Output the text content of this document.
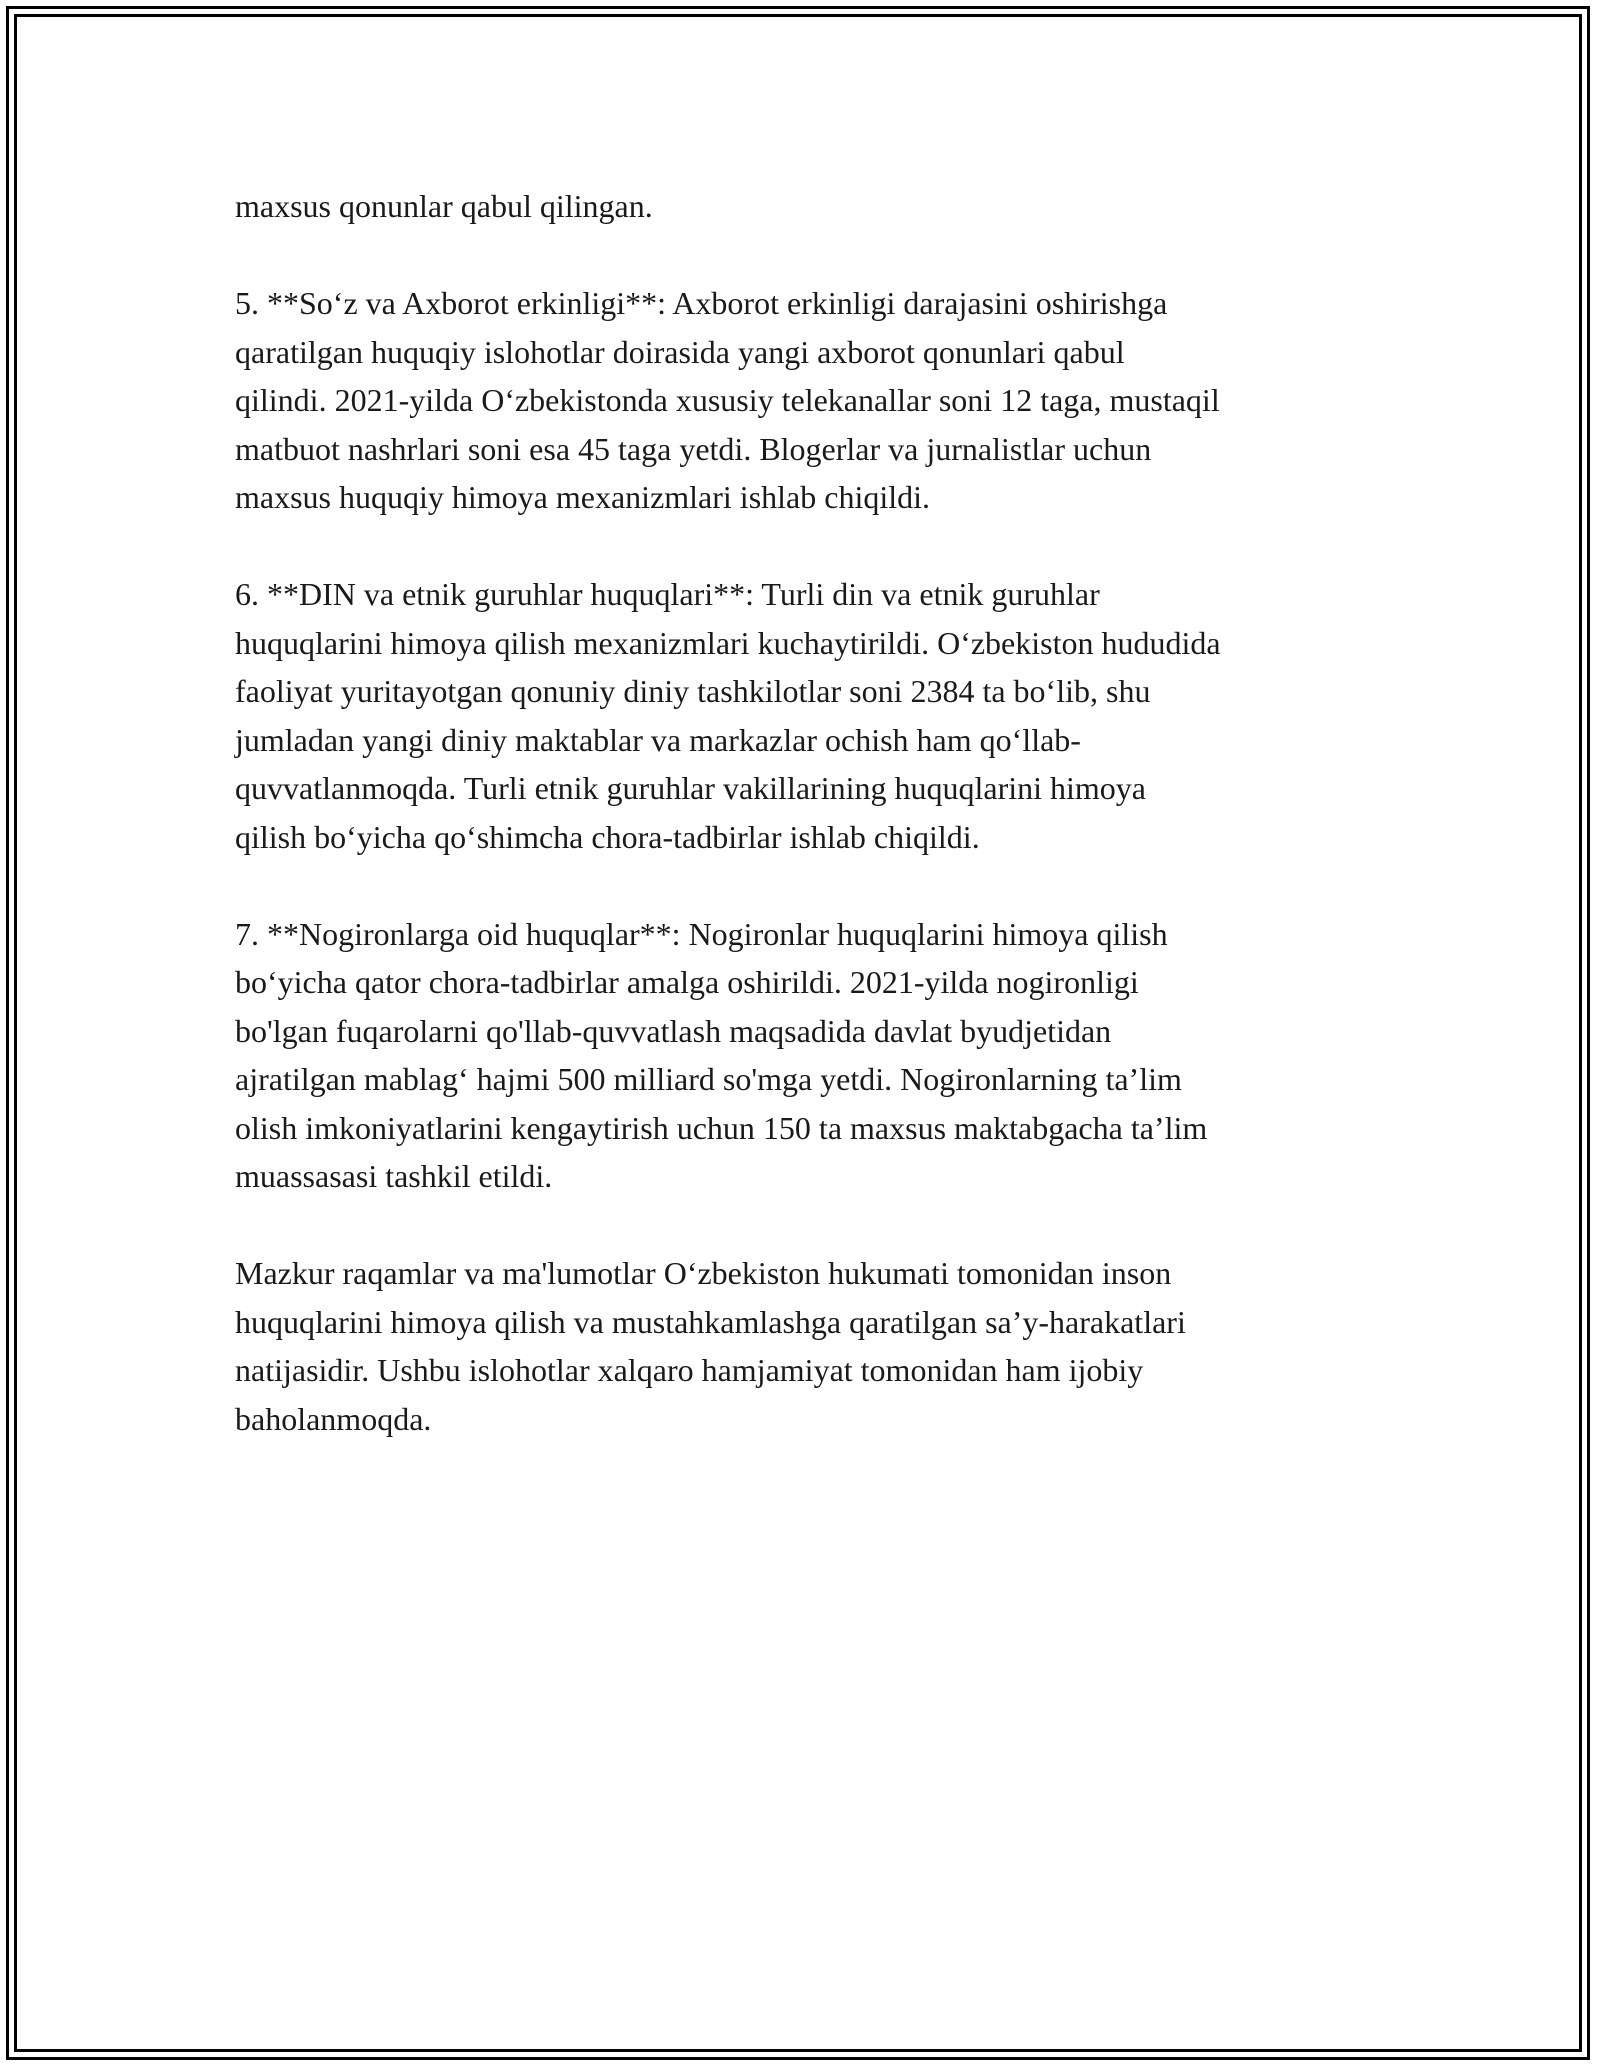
maxsus qonunlar qabul qilingan.
5. **So‘z va Axborot erkinligi**: Axborot erkinligi darajasini oshirishga
qaratilgan huquqiy islohotlar doirasida yangi axborot qonunlari qabul
qilindi. 2021-yilda O‘zbekistonda xususiy telekanallar soni 12 taga, mustaqil
matbuot nashrlari soni esa 45 taga yetdi. Blogerlar va jurnalistlar uchun
maxsus huquqiy himoya mexanizmlari ishlab chiqildi.
6. **DIN va etnik guruhlar huquqlari**: Turli din va etnik guruhlar
huquqlarini himoya qilish mexanizmlari kuchaytirildi. O‘zbekiston hududida
faoliyat yuritayotgan qonuniy diniy tashkilotlar soni 2384 ta bo‘lib, shu
jumladan yangi diniy maktablar va markazlar ochish ham qo‘llab-
quvvatlanmoqda. Turli etnik guruhlar vakillarining huquqlarini himoya
qilish bo‘yicha qo‘shimcha chora-tadbirlar ishlab chiqildi.
7. **Nogironlarga oid huquqlar**: Nogironlar huquqlarini himoya qilish
bo‘yicha qator chora-tadbirlar amalga oshirildi. 2021-yilda nogironligi
bo'lgan fuqarolarni qo'llab-quvvatlash maqsadida davlat byudjetidan
ajratilgan mablag‘ hajmi 500 milliard so'mga yetdi. Nogironlarning ta’lim
olish imkoniyatlarini kengaytirish uchun 150 ta maxsus maktabgacha ta’lim
muassasasi tashkil etildi.
Mazkur raqamlar va ma'lumotlar O‘zbekiston hukumati tomonidan inson
huquqlarini himoya qilish va mustahkamlashga qaratilgan sa’y-harakatlari
natijasidir. Ushbu islohotlar xalqaro hamjamiyat tomonidan ham ijobiy
baholanmoqda.
